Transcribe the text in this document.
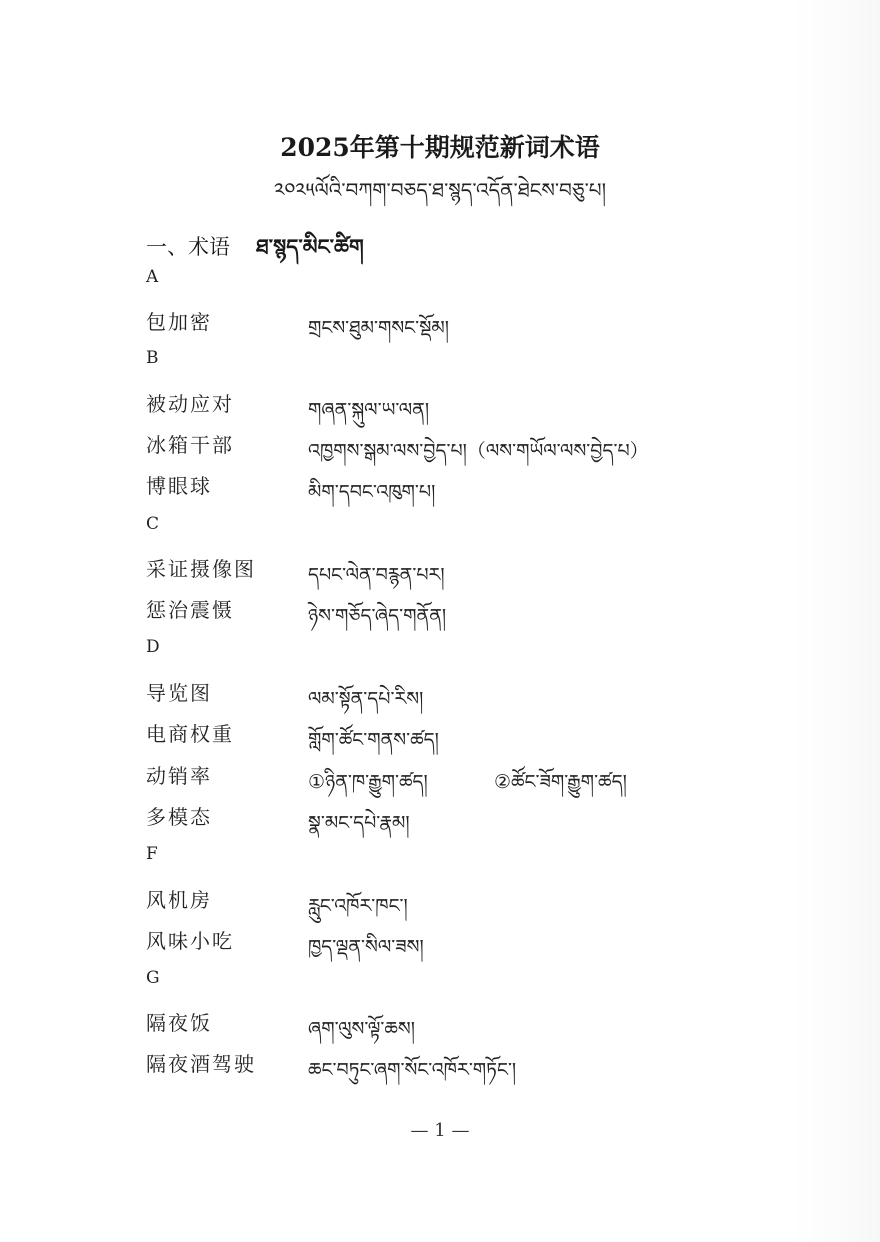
2025年第十期规范新词术语
༢༠༢༥ལོའི་བཀག་བཅད་ཐ་སྙད་འདོན་ཐེངས་བཅུ་པ།
一、术语 ཐ་སྙད་མིང་ཚིག
A
包加密	གྲངས་ཐུམ་གསང་སྡོམ།
B
被动应对	གཞན་སྐུལ་ཡ་ལན།
冰箱干部	འཁྱགས་སྒམ་ལས་བྱེད་པ།（ལས་གཡོལ་ལས་བྱེད་པ）
博眼球	མིག་དབང་འཁུག་པ།
C
采证摄像图	དཔང་ལེན་བརྙན་པར།
惩治震慑	ཉེས་གཅོད་ཞེད་གནོན།
D
导览图	ལམ་སྟོན་དཔེ་རིས།
电商权重	གློག་ཚོང་གནས་ཚད།
动销率	①ཉིན་ཁ་རྒྱུག་ཚད།	②ཚོང་ཟོག་རྒྱུག་ཚད།
多模态	སྣ་མང་དཔེ་རྣམ།
F
风机房	རླུང་འཁོར་ཁང་།
风味小吃	ཁྱད་ལྡན་སིལ་ཟས།
G
隔夜饭	ཞག་ལུས་ལྟོ་ཆས།
隔夜酒驾驶	ཆང་བཏུང་ཞག་སོང་འཁོར་གཏོང་།
— 1 —
